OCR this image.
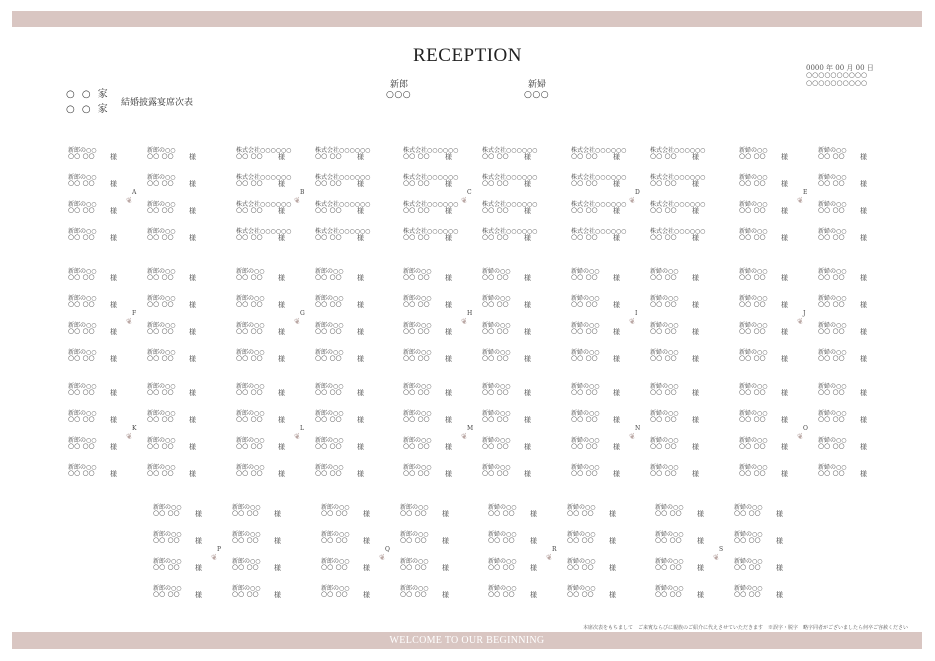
RECEPTION
0000 年 00 月 00 日
○○○○○○○○○○○○○○○○○○○○
○ ○ 家
○ ○ 家
結婚披露宴席次表
新郎
○○○
新婦
○○○
新郎の○○
○○ ○○ 様
新郎の○○
○○ ○○ 様
新郎の○○
○○ ○○ 様
新郎の○○
○○ ○○ 様
新郎の○○
○○ ○○ 様
新郎の○○
○○ ○○ 様
新郎の○○
○○ ○○ 様
新郎の○○
○○ ○○ 様
A
❦
株式会社○○○○○○
○○ ○○ 様
株式会社○○○○○○
○○ ○○ 様
株式会社○○○○○○
○○ ○○ 様
株式会社○○○○○○
○○ ○○ 様
株式会社○○○○○○
○○ ○○ 様
株式会社○○○○○○
○○ ○○ 様
株式会社○○○○○○
○○ ○○ 様
株式会社○○○○○○
○○ ○○ 様
B
❦
株式会社○○○○○○
○○ ○○ 様
株式会社○○○○○○
○○ ○○ 様
株式会社○○○○○○
○○ ○○ 様
株式会社○○○○○○
○○ ○○ 様
株式会社○○○○○○
○○ ○○ 様
株式会社○○○○○○
○○ ○○ 様
株式会社○○○○○○
○○ ○○ 様
株式会社○○○○○○
○○ ○○ 様
C
❦
株式会社○○○○○○
○○ ○○ 様
株式会社○○○○○○
○○ ○○ 様
株式会社○○○○○○
○○ ○○ 様
株式会社○○○○○○
○○ ○○ 様
株式会社○○○○○○
○○ ○○ 様
株式会社○○○○○○
○○ ○○ 様
株式会社○○○○○○
○○ ○○ 様
株式会社○○○○○○
○○ ○○ 様
D
❦
新婦の○○
○○ ○○ 様
新婦の○○
○○ ○○ 様
新婦の○○
○○ ○○ 様
新婦の○○
○○ ○○ 様
新婦の○○
○○ ○○ 様
新婦の○○
○○ ○○ 様
新婦の○○
○○ ○○ 様
新婦の○○
○○ ○○ 様
E
❦
新郎の○○
○○ ○○ 様
新郎の○○
○○ ○○ 様
新郎の○○
○○ ○○ 様
新郎の○○
○○ ○○ 様
新郎の○○
○○ ○○ 様
新郎の○○
○○ ○○ 様
新郎の○○
○○ ○○ 様
新郎の○○
○○ ○○ 様
F
❦
新郎の○○
○○ ○○ 様
新郎の○○
○○ ○○ 様
新郎の○○
○○ ○○ 様
新郎の○○
○○ ○○ 様
新郎の○○
○○ ○○ 様
新郎の○○
○○ ○○ 様
新郎の○○
○○ ○○ 様
新郎の○○
○○ ○○ 様
G
❦
新郎の○○
○○ ○○ 様
新郎の○○
○○ ○○ 様
新郎の○○
○○ ○○ 様
新郎の○○
○○ ○○ 様
新婦の○○
○○ ○○ 様
新婦の○○
○○ ○○ 様
新婦の○○
○○ ○○ 様
新婦の○○
○○ ○○ 様
H
❦
新婦の○○
○○ ○○ 様
新婦の○○
○○ ○○ 様
新婦の○○
○○ ○○ 様
新婦の○○
○○ ○○ 様
新婦の○○
○○ ○○ 様
新婦の○○
○○ ○○ 様
新婦の○○
○○ ○○ 様
新婦の○○
○○ ○○ 様
I
❦
新婦の○○
○○ ○○ 様
新婦の○○
○○ ○○ 様
新婦の○○
○○ ○○ 様
新婦の○○
○○ ○○ 様
新婦の○○
○○ ○○ 様
新婦の○○
○○ ○○ 様
新婦の○○
○○ ○○ 様
新婦の○○
○○ ○○ 様
J
❦
新郎の○○
○○ ○○ 様
新郎の○○
○○ ○○ 様
新郎の○○
○○ ○○ 様
新郎の○○
○○ ○○ 様
新郎の○○
○○ ○○ 様
新郎の○○
○○ ○○ 様
新郎の○○
○○ ○○ 様
新郎の○○
○○ ○○ 様
K
❦
新郎の○○
○○ ○○ 様
新郎の○○
○○ ○○ 様
新郎の○○
○○ ○○ 様
新郎の○○
○○ ○○ 様
新郎の○○
○○ ○○ 様
新郎の○○
○○ ○○ 様
新郎の○○
○○ ○○ 様
新郎の○○
○○ ○○ 様
L
❦
新郎の○○
○○ ○○ 様
新郎の○○
○○ ○○ 様
新郎の○○
○○ ○○ 様
新郎の○○
○○ ○○ 様
新婦の○○
○○ ○○ 様
新婦の○○
○○ ○○ 様
新婦の○○
○○ ○○ 様
新婦の○○
○○ ○○ 様
M
❦
新婦の○○
○○ ○○ 様
新婦の○○
○○ ○○ 様
新婦の○○
○○ ○○ 様
新婦の○○
○○ ○○ 様
新婦の○○
○○ ○○ 様
新婦の○○
○○ ○○ 様
新婦の○○
○○ ○○ 様
新婦の○○
○○ ○○ 様
N
❦
新婦の○○
○○ ○○ 様
新婦の○○
○○ ○○ 様
新婦の○○
○○ ○○ 様
新婦の○○
○○ ○○ 様
新婦の○○
○○ ○○ 様
新婦の○○
○○ ○○ 様
新婦の○○
○○ ○○ 様
新婦の○○
○○ ○○ 様
O
❦
新郎の○○
○○ ○○ 様
新郎の○○
○○ ○○ 様
新郎の○○
○○ ○○ 様
新郎の○○
○○ ○○ 様
新郎の○○
○○ ○○ 様
新郎の○○
○○ ○○ 様
新郎の○○
○○ ○○ 様
新郎の○○
○○ ○○ 様
P
❦
新郎の○○
○○ ○○ 様
新郎の○○
○○ ○○ 様
新郎の○○
○○ ○○ 様
新郎の○○
○○ ○○ 様
新郎の○○
○○ ○○ 様
新郎の○○
○○ ○○ 様
新郎の○○
○○ ○○ 様
新郎の○○
○○ ○○ 様
Q
❦
新婦の○○
○○ ○○ 様
新婦の○○
○○ ○○ 様
新婦の○○
○○ ○○ 様
新婦の○○
○○ ○○ 様
新婦の○○
○○ ○○ 様
新婦の○○
○○ ○○ 様
新婦の○○
○○ ○○ 様
新婦の○○
○○ ○○ 様
R
❦
新婦の○○
○○ ○○ 様
新婦の○○
○○ ○○ 様
新婦の○○
○○ ○○ 様
新婦の○○
○○ ○○ 様
新婦の○○
○○ ○○ 様
新婦の○○
○○ ○○ 様
新婦の○○
○○ ○○ 様
新婦の○○
○○ ○○ 様
S
❦
本席次表をもちまして　ご来賓ならびに親族のご紹介に代えさせていただきます　※誤字・脱字　略字同者がございましたら何卒ご容赦ください
WELCOME TO OUR BEGINNING
